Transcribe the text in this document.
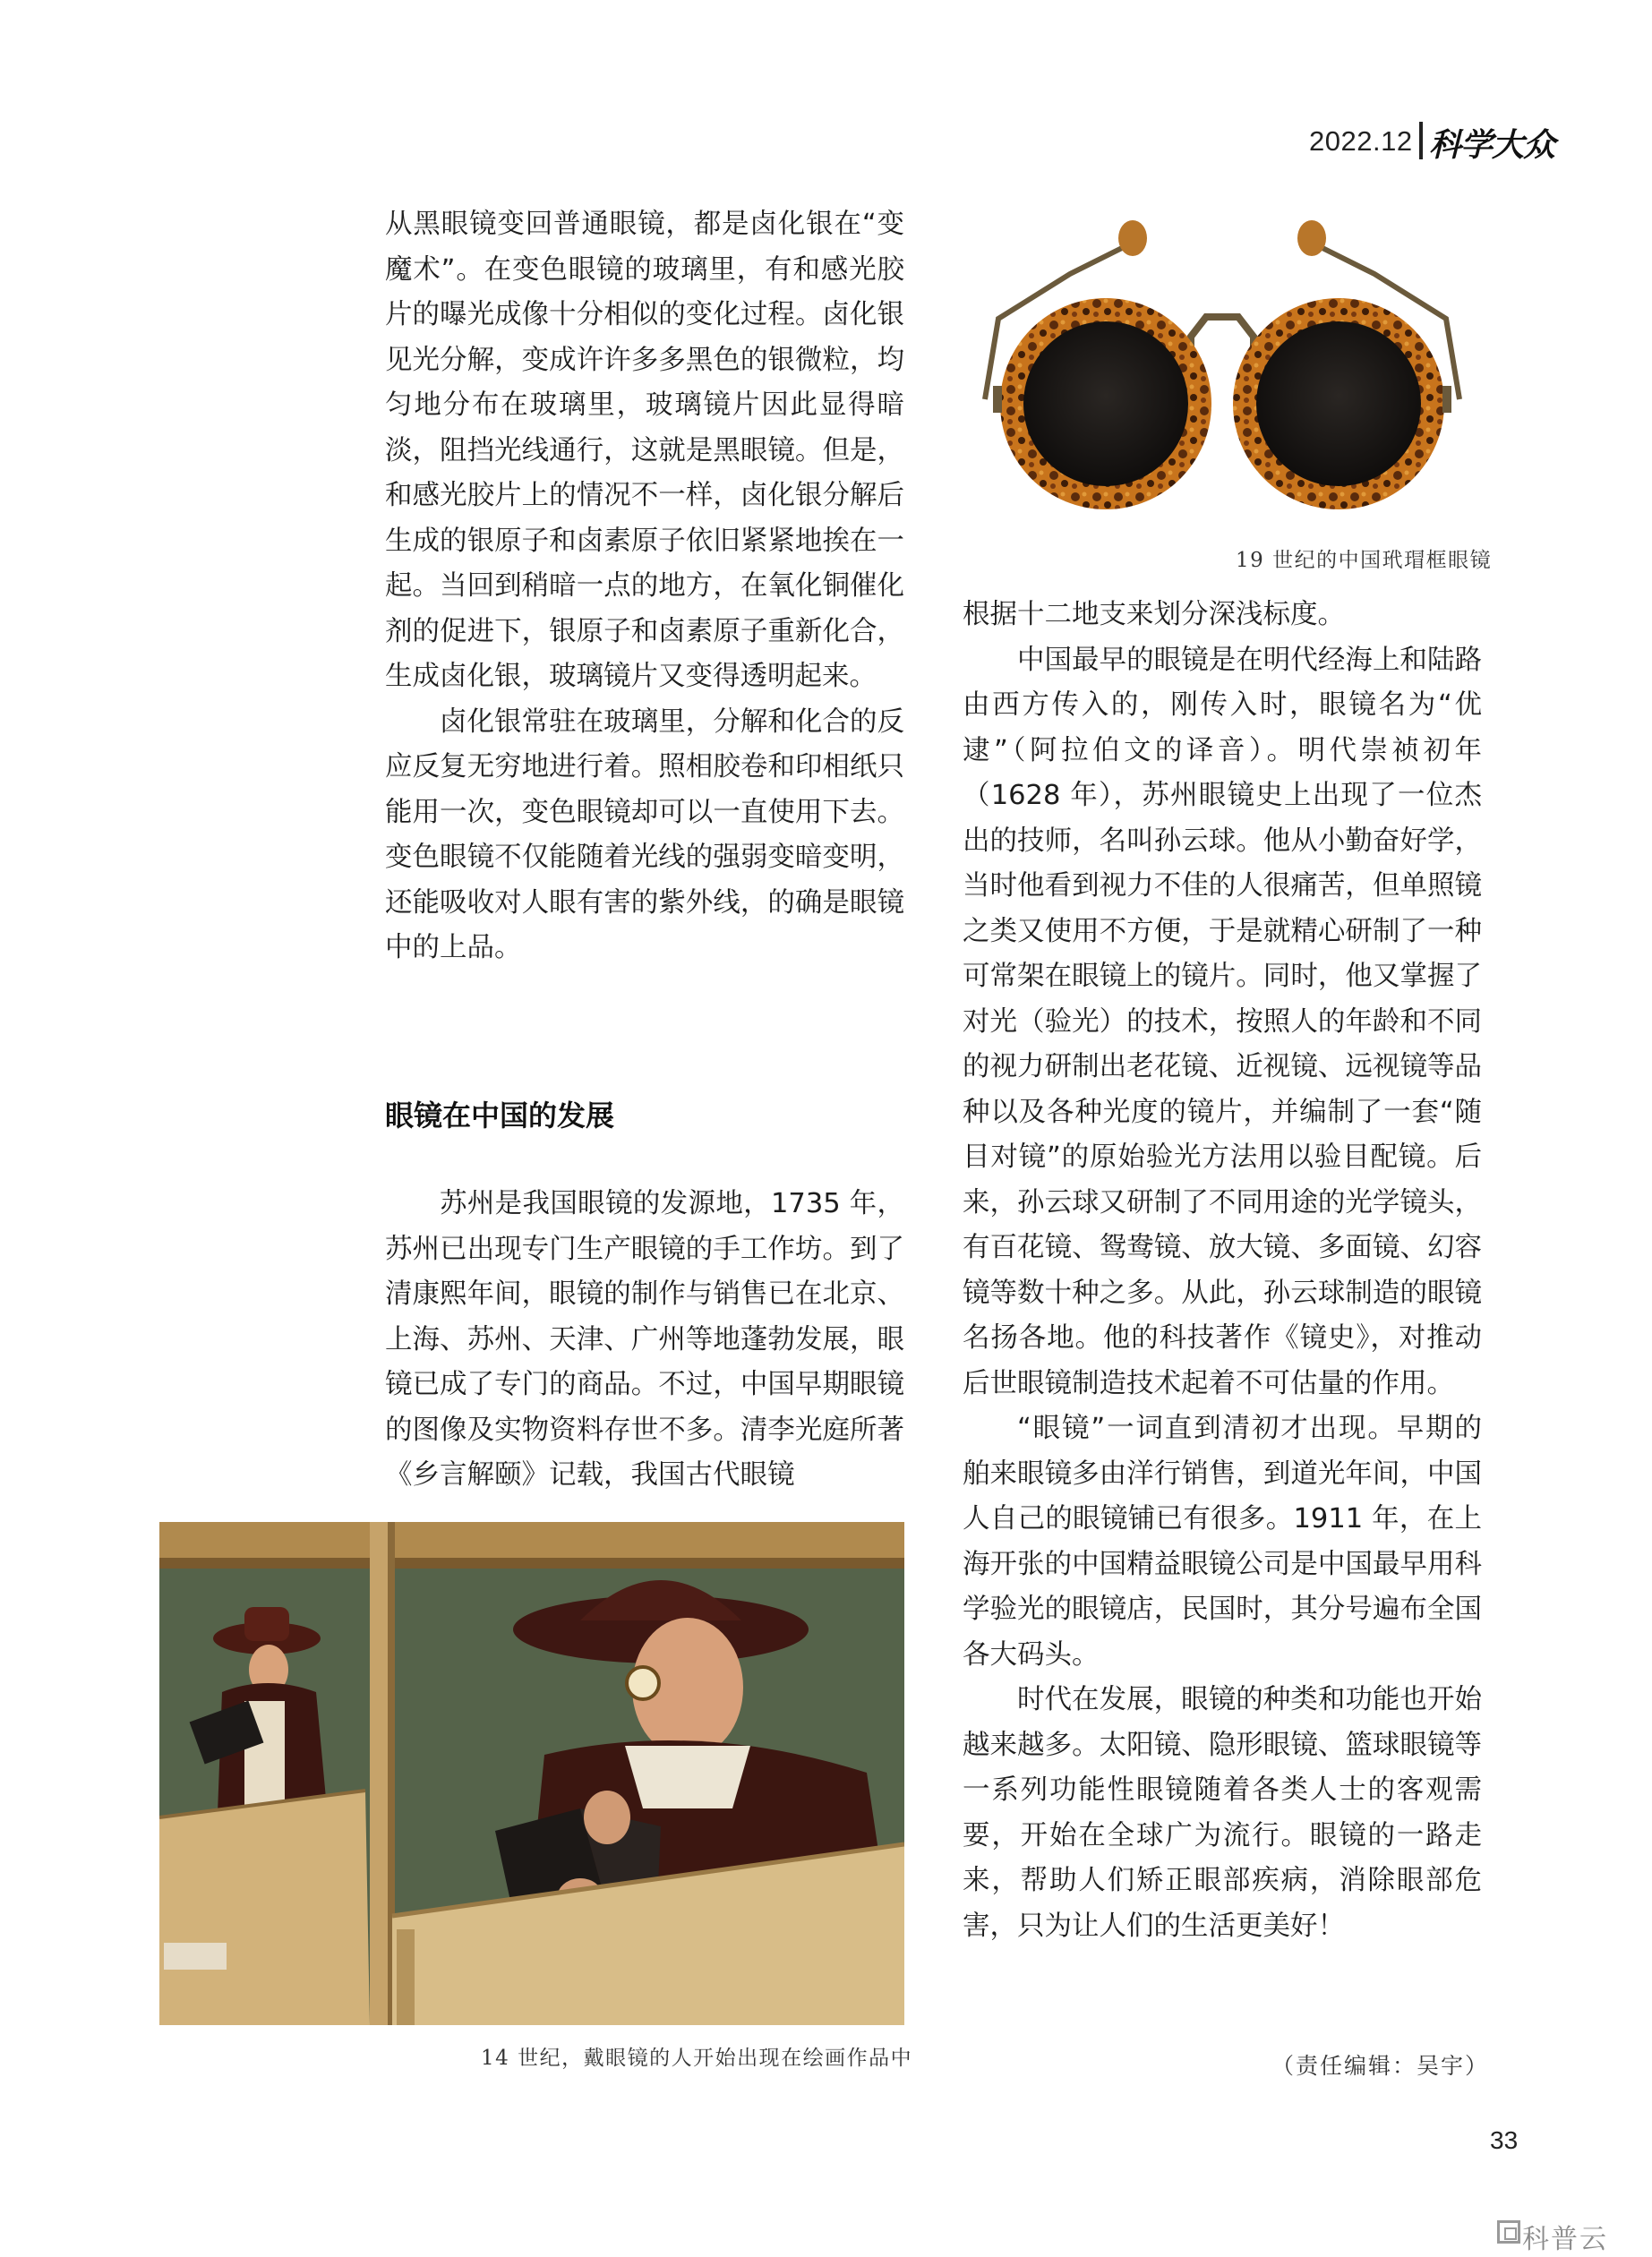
2022.12 科学大众

从黑眼镜变回普通眼镜，都是卤化银在“变魔术”。在变色眼镜的玻璃里，有和感光胶片的曝光成像十分相似的变化过程。卤化银见光分解，变成许许多多黑色的银微粒，均匀地分布在玻璃里，玻璃镜片因此显得暗淡，阻挡光线通行，这就是黑眼镜。但是，和感光胶片上的情况不一样，卤化银分解后生成的银原子和卤素原子依旧紧紧地挨在一起。当回到稍暗一点的地方，在氧化铜催化剂的促进下，银原子和卤素原子重新化合，生成卤化银，玻璃镜片又变得透明起来。

卤化银常驻在玻璃里，分解和化合的反应反复无穷地进行着。照相胶卷和印相纸只能用一次，变色眼镜却可以一直使用下去。变色眼镜不仅能随着光线的强弱变暗变明，还能吸收对人眼有害的紫外线，的确是眼镜中的上品。

眼镜在中国的发展

苏州是我国眼镜的发源地，1735 年，苏州已出现专门生产眼镜的手工作坊。到了清康熙年间，眼镜的制作与销售已在北京、上海、苏州、天津、广州等地蓬勃发展，眼镜已成了专门的商品。不过，中国早期眼镜的图像及实物资料存世不多。清李光庭所著《乡言解颐》记载，我国古代眼镜

19 世纪的中国玳瑁框眼镜

根据十二地支来划分深浅标度。

中国最早的眼镜是在明代经海上和陆路由西方传入的，刚传入时，眼镜名为“优逮”（阿拉伯文的译音）。明代崇祯初年（1628 年），苏州眼镜史上出现了一位杰出的技师，名叫孙云球。他从小勤奋好学，当时他看到视力不佳的人很痛苦，但单照镜之类又使用不方便，于是就精心研制了一种可常架在眼镜上的镜片。同时，他又掌握了对光（验光）的技术，按照人的年龄和不同的视力研制出老花镜、近视镜、远视镜等品种以及各种光度的镜片，并编制了一套“随目对镜”的原始验光方法用以验目配镜。后来，孙云球又研制了不同用途的光学镜头，有百花镜、鸳鸯镜、放大镜、多面镜、幻容镜等数十种之多。从此，孙云球制造的眼镜名扬各地。他的科技著作《镜史》，对推动后世眼镜制造技术起着不可估量的作用。

“眼镜”一词直到清初才出现。早期的舶来眼镜多由洋行销售，到道光年间，中国人自己的眼镜铺已有很多。1911 年，在上海开张的中国精益眼镜公司是中国最早用科学验光的眼镜店，民国时，其分号遍布全国各大码头。

时代在发展，眼镜的种类和功能也开始越来越多。太阳镜、隐形眼镜、篮球眼镜等一系列功能性眼镜随着各类人士的客观需要，开始在全球广为流行。眼镜的一路走来，帮助人们矫正眼部疾病，消除眼部危害，只为让人们的生活更美好！

（责任编辑：吴宇）
14 世纪，戴眼镜的人开始出现在绘画作品中
33
科普云
